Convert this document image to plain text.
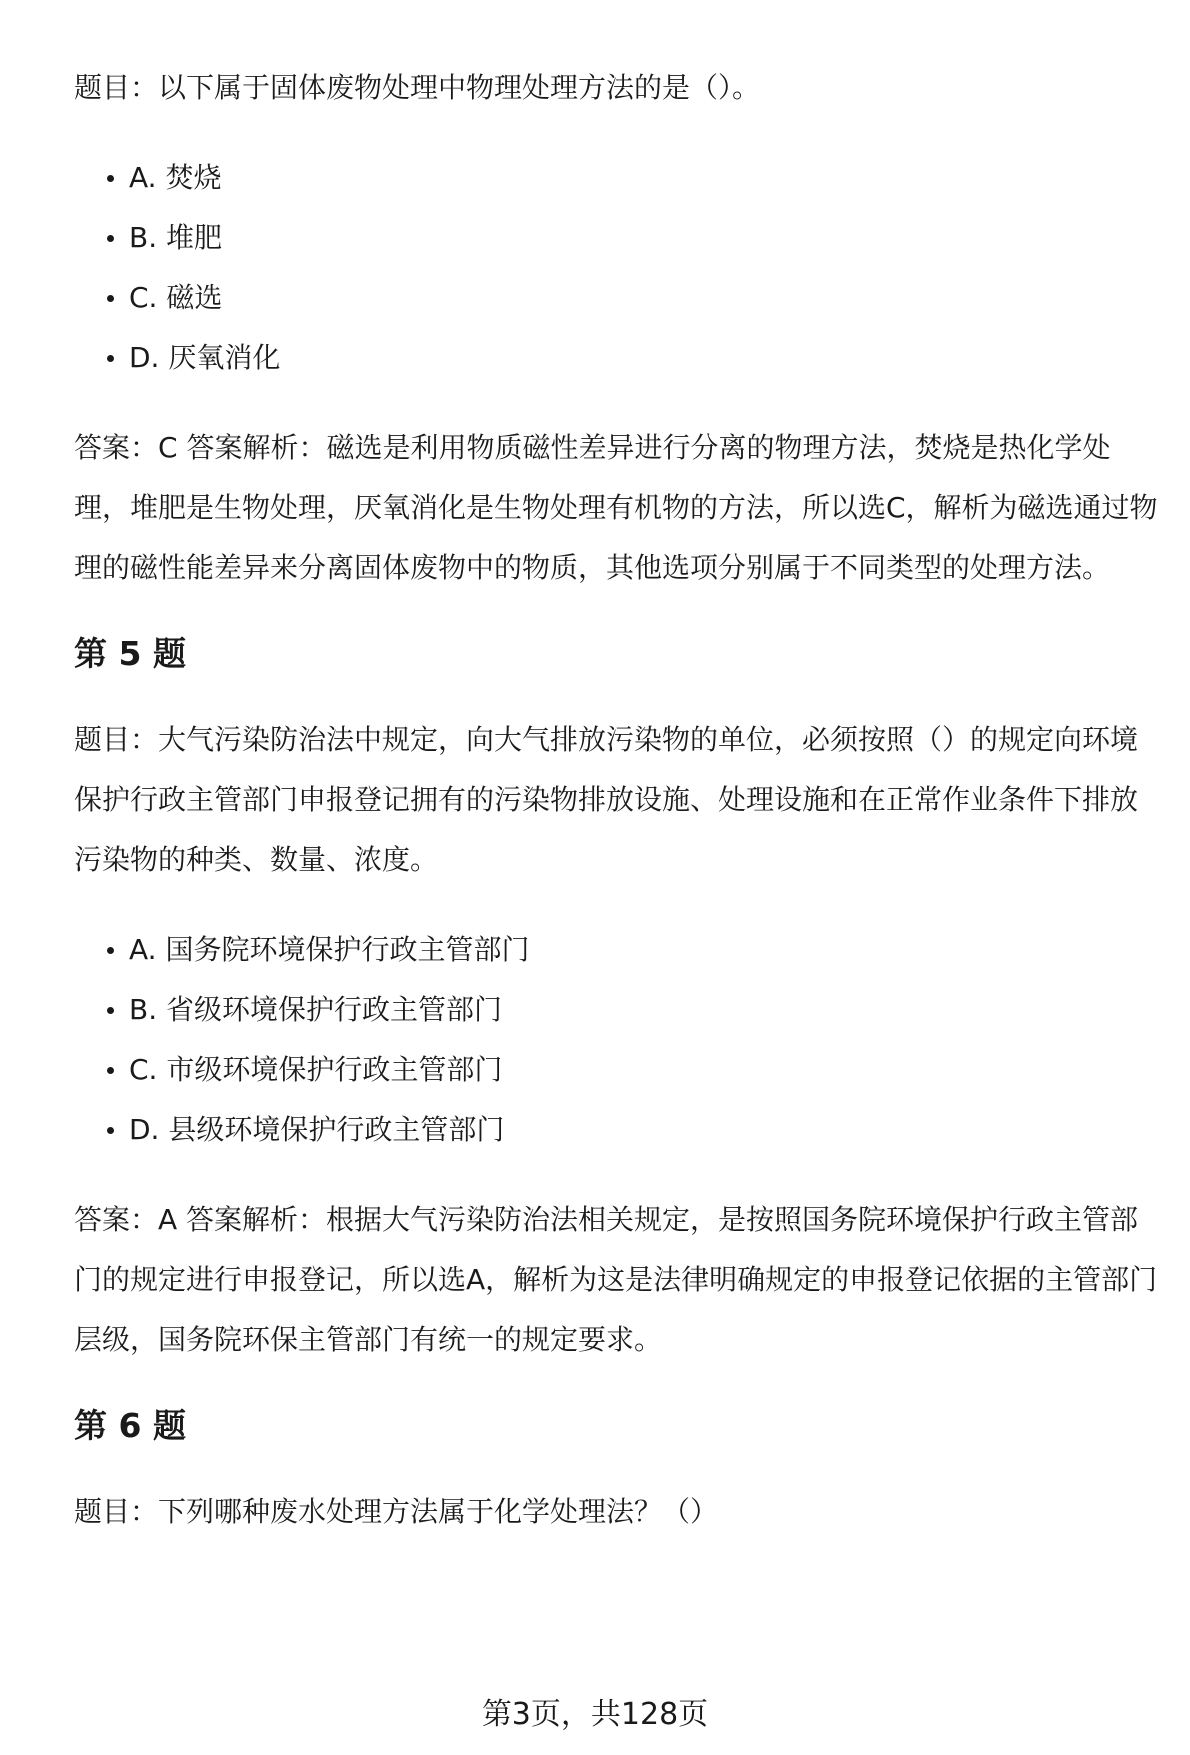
题目：以下属于固体废物处理中物理处理方法的是（）。

A. 焚烧
B. 堆肥
C. 磁选
D. 厌氧消化

答案：C 答案解析：磁选是利用物质磁性差异进行分离的物理方法，焚烧是热化学处理，堆肥是生物处理，厌氧消化是生物处理有机物的方法，所以选C，解析为磁选通过物理的磁性能差异来分离固体废物中的物质，其他选项分别属于不同类型的处理方法。

第 5 题

题目：大气污染防治法中规定，向大气排放污染物的单位，必须按照（）的规定向环境保护行政主管部门申报登记拥有的污染物排放设施、处理设施和在正常作业条件下排放污染物的种类、数量、浓度。

A. 国务院环境保护行政主管部门
B. 省级环境保护行政主管部门
C. 市级环境保护行政主管部门
D. 县级环境保护行政主管部门

答案：A 答案解析：根据大气污染防治法相关规定，是按照国务院环境保护行政主管部门的规定进行申报登记，所以选A，解析为这是法律明确规定的申报登记依据的主管部门层级，国务院环保主管部门有统一的规定要求。

第 6 题

题目：下列哪种废水处理方法属于化学处理法？（）

第3页，共128页
